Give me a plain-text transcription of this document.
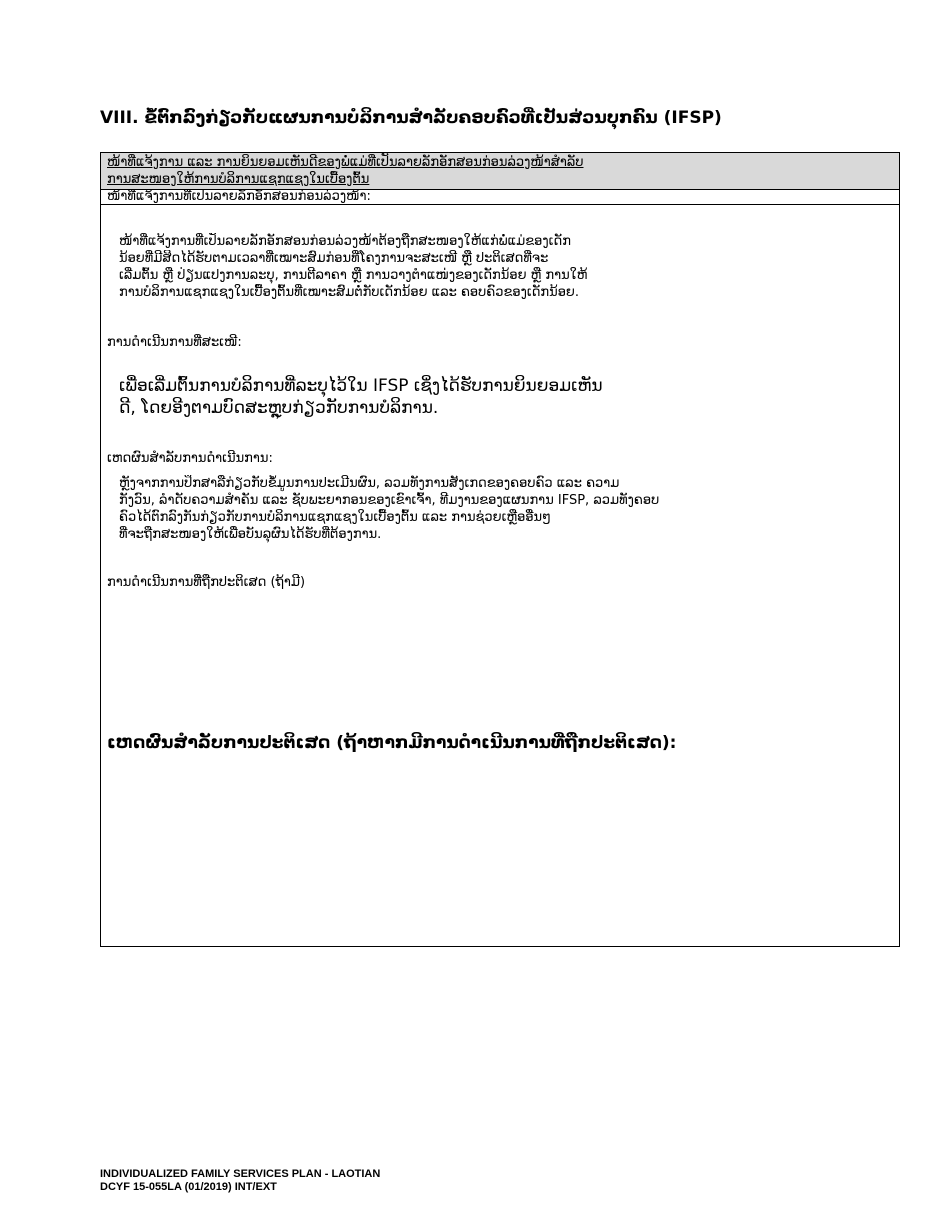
VIII. ຂໍ້ຕົກລົງກ່ຽວກັບແຜນການບໍລິການສຳລັບຄອບຄົວທີ່ເປັນສ່ວນບຸກຄົນ (IFSP)
ໜ້າທີ່ແຈ້ງການ ແລະ ການຍິນຍອມເຫັນດີຂອງພໍ່ແມ່ທີ່ເປັນລາຍລັກອັກສອນກ່ອນລ່ວງໜ້າສຳລັບ
ການສະໜອງໃຫ້ການບໍລິການແຊກແຊງໃນເບື້ອງຕົ້ນ
ໜ້າທີ່ແຈ້ງການທີ່ເປັນລາຍລັກອັກສອນກ່ອນລ່ວງໜ້າ:
ໜ້າທີ່ແຈ້ງການທີ່ເປັນລາຍລັກອັກສອນກ່ອນລ່ວງໜ້າຕ້ອງຖືກສະໜອງໃຫ້ແກ່ພໍ່ແມ່ຂອງເດັກ
ນ້ອຍທີ່ມີສິດໄດ້ຮັບຕາມເວລາທີ່ເໝາະສົມກ່ອນທີ່ໂຄງການຈະສະເໜີ ຫຼື ປະຕິເສດທີ່ຈະ
ເລີ່ມຕົ້ນ ຫຼື ປ່ຽນແປງການລະບຸ, ການຕີລາຄາ ຫຼື ການວາງຕຳແໜ່ງຂອງເດັກນ້ອຍ ຫຼື ການໃຫ້
ການບໍລິການແຊກແຊງໃນເບື້ອງຕົ້ນທີ່ເໝາະສົມຕໍ່ກັບເດັກນ້ອຍ ແລະ ຄອບຄົວຂອງເດັກນ້ອຍ.
ການດຳເນີນການທີ່ສະເໜີ:
ເພື່ອເລີ່ມຕົ້ນການບໍລິການທີ່ລະບຸໄວ້ໃນ IFSP ເຊິ່ງໄດ້ຮັບການຍິນຍອມເຫັນ
ດີ, ໂດຍອີງຕາມບົດສະຫຼຸບກ່ຽວກັບການບໍລິການ.
ເຫດຜົນສຳລັບການດຳເນີນການ:
ຫຼັງຈາກການປຶກສາລືກ່ຽວກັບຂໍ້ມູນການປະເມີນຜົນ, ລວມທັງການສັງເກດຂອງຄອບຄົວ ແລະ ຄວາມ
ກັງວົນ, ລຳດັບຄວາມສຳຄັນ ແລະ ຊັບພະຍາກອນຂອງເຂົາເຈົ້າ, ທີມງານຂອງແຜນການ IFSP, ລວມທັງຄອບ
ຄົວໄດ້ຕົກລົງກັນກ່ຽວກັບການບໍລິການແຊກແຊງໃນເບື້ອງຕົ້ນ ແລະ ການຊ່ວຍເຫຼືອອື່ນໆ
ທີ່ຈະຖືກສະໜອງໃຫ້ເພື່ອບັນລຸຜົນໄດ້ຮັບທີ່ຕ້ອງການ.
ການດຳເນີນການທີ່ຖືກປະຕິເສດ (ຖ້າມີ)
ເຫດຜົນສຳລັບການປະຕິເສດ (ຖ້າຫາກມີການດຳເນີນການທີ່ຖືກປະຕິເສດ):
INDIVIDUALIZED FAMILY SERVICES PLAN - LAOTIAN
DCYF 15-055LA (01/2019) INT/EXT
